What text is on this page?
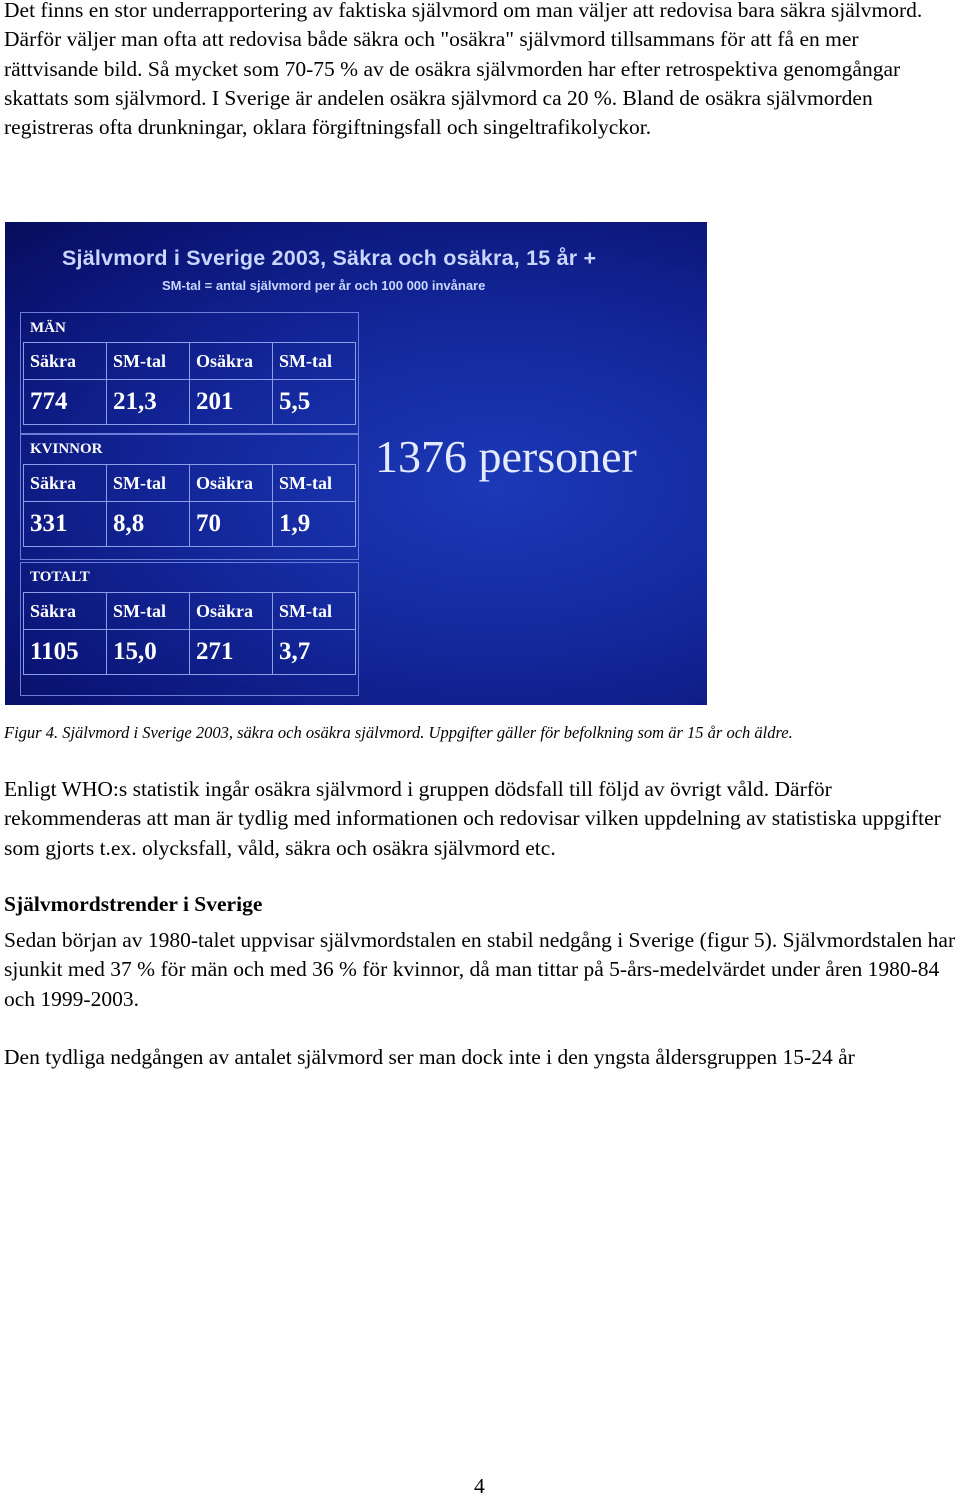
Det finns en stor underrapportering av faktiska självmord om man väljer att redovisa bara säkra självmord. Därför väljer man ofta att redovisa både säkra och "osäkra" självmord tillsammans för att få en mer rättvisande bild. Så mycket som 70-75 % av de osäkra självmorden har efter retrospektiva genomgångar skattats som självmord. I Sverige är andelen osäkra självmord ca 20 %. Bland de osäkra självmorden registreras ofta drunkningar, oklara förgiftningsfall och singeltrafikolyckor.

Självmord i Sverige 2003, Säkra och osäkra, 15 år +

SM-tal = antal självmord per år och 100 000 invånare

MÄN

Säkra	SM-tal	Osäkra	SM-tal
774	21,3	201	5,5

KVINNOR

Säkra	SM-tal	Osäkra	SM-tal
331	8,8	70	1,9

TOTALT

Säkra	SM-tal	Osäkra	SM-tal
1105	15,0	271	3,7

1376 personer

Figur 4. Självmord i Sverige 2003, säkra och osäkra självmord. Uppgifter gäller för befolkning som är 15 år och äldre.

Enligt WHO:s statistik ingår osäkra självmord i gruppen dödsfall till följd av övrigt våld. Därför rekommenderas att man är tydlig med informationen och redovisar vilken uppdelning av statistiska uppgifter som gjorts t.ex. olycksfall, våld, säkra och osäkra självmord etc.

Självmordstrender i Sverige

Sedan början av 1980-talet uppvisar självmordstalen en stabil nedgång i Sverige (figur 5). Självmordstalen har sjunkit med 37 % för män och med 36 % för kvinnor, då man tittar på 5-års-medelvärdet under åren 1980-84 och 1999-2003.

Den tydliga nedgången av antalet självmord ser man dock inte i den yngsta åldersgruppen 15-24 år

4
